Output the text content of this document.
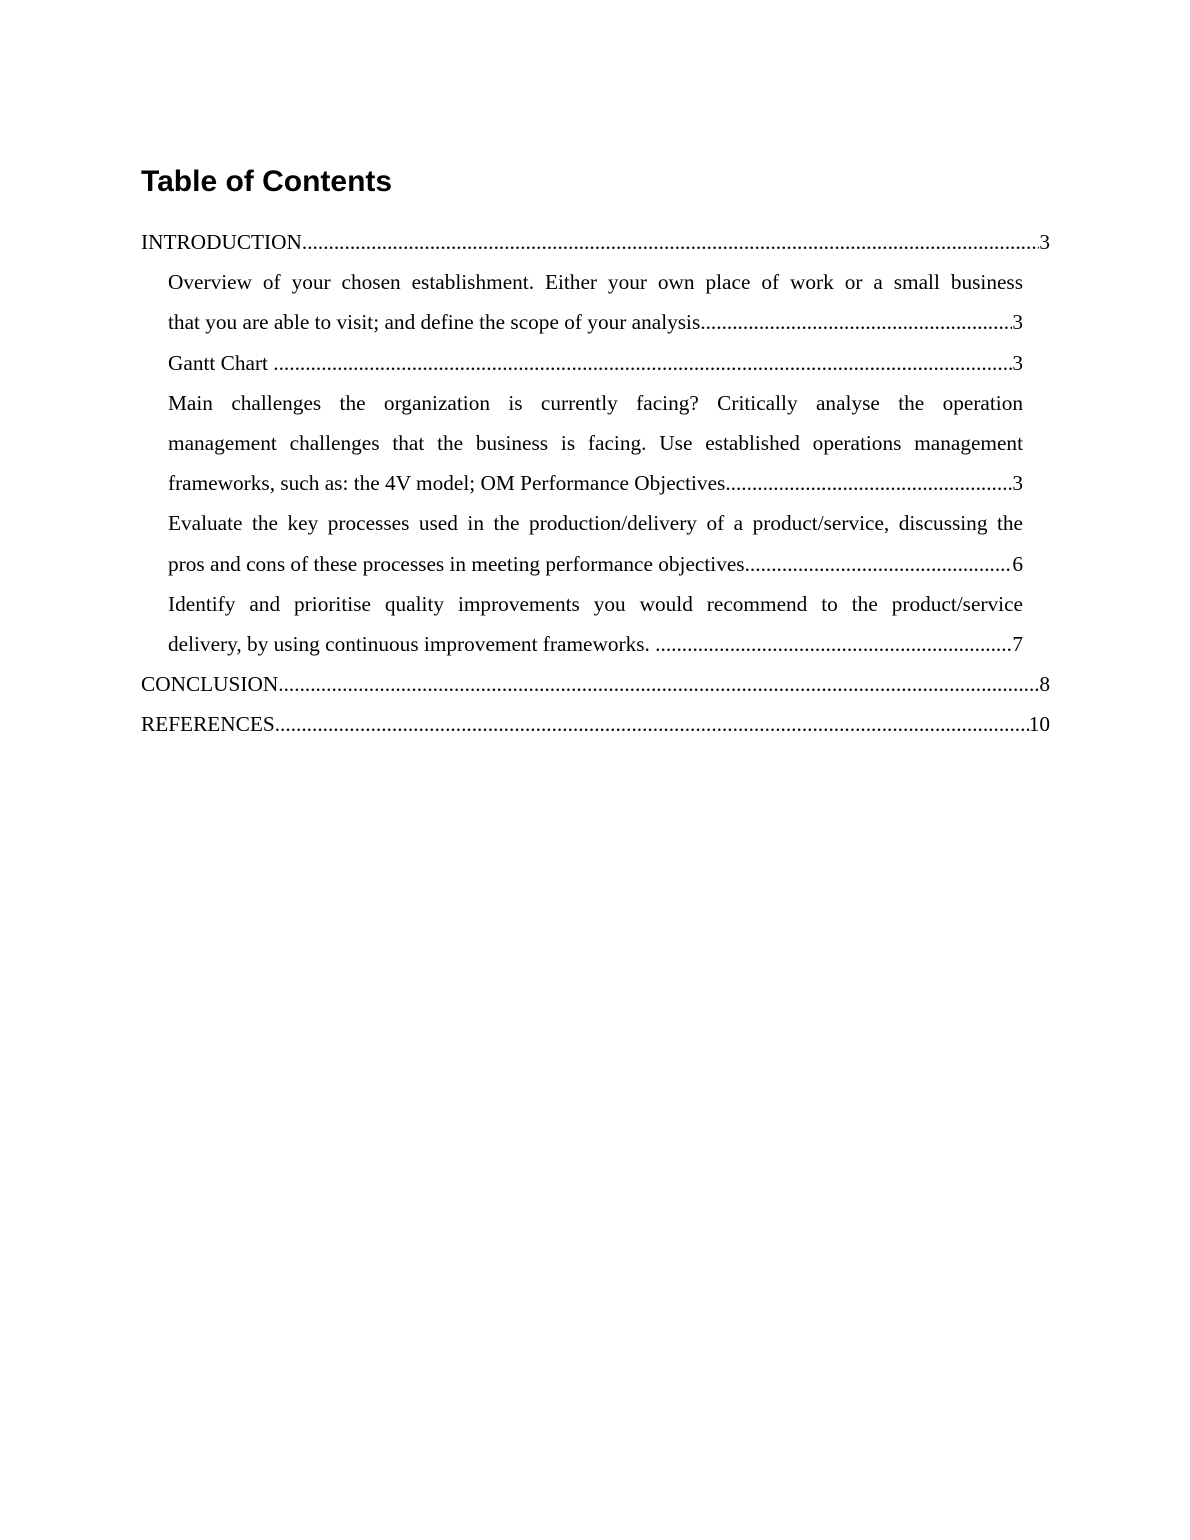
Table of Contents
INTRODUCTION .....	3
Overview of your chosen establishment. Either your own place of work or a small business
that you are able to visit; and define the scope of your analysis .....	3
Gantt Chart .....	3
Main challenges the organization is currently facing? Critically analyse the operation
management challenges that the business is facing. Use established operations management
frameworks, such as: the 4V model; OM Performance Objectives .....	3
Evaluate the key processes used in the production/delivery of a product/service, discussing the
pros and cons of these processes in meeting performance objectives .....	6
Identify and prioritise quality improvements you would recommend to the product/service
delivery, by using continuous improvement frameworks. .....	7
CONCLUSION .....	8
REFERENCES .....	10
